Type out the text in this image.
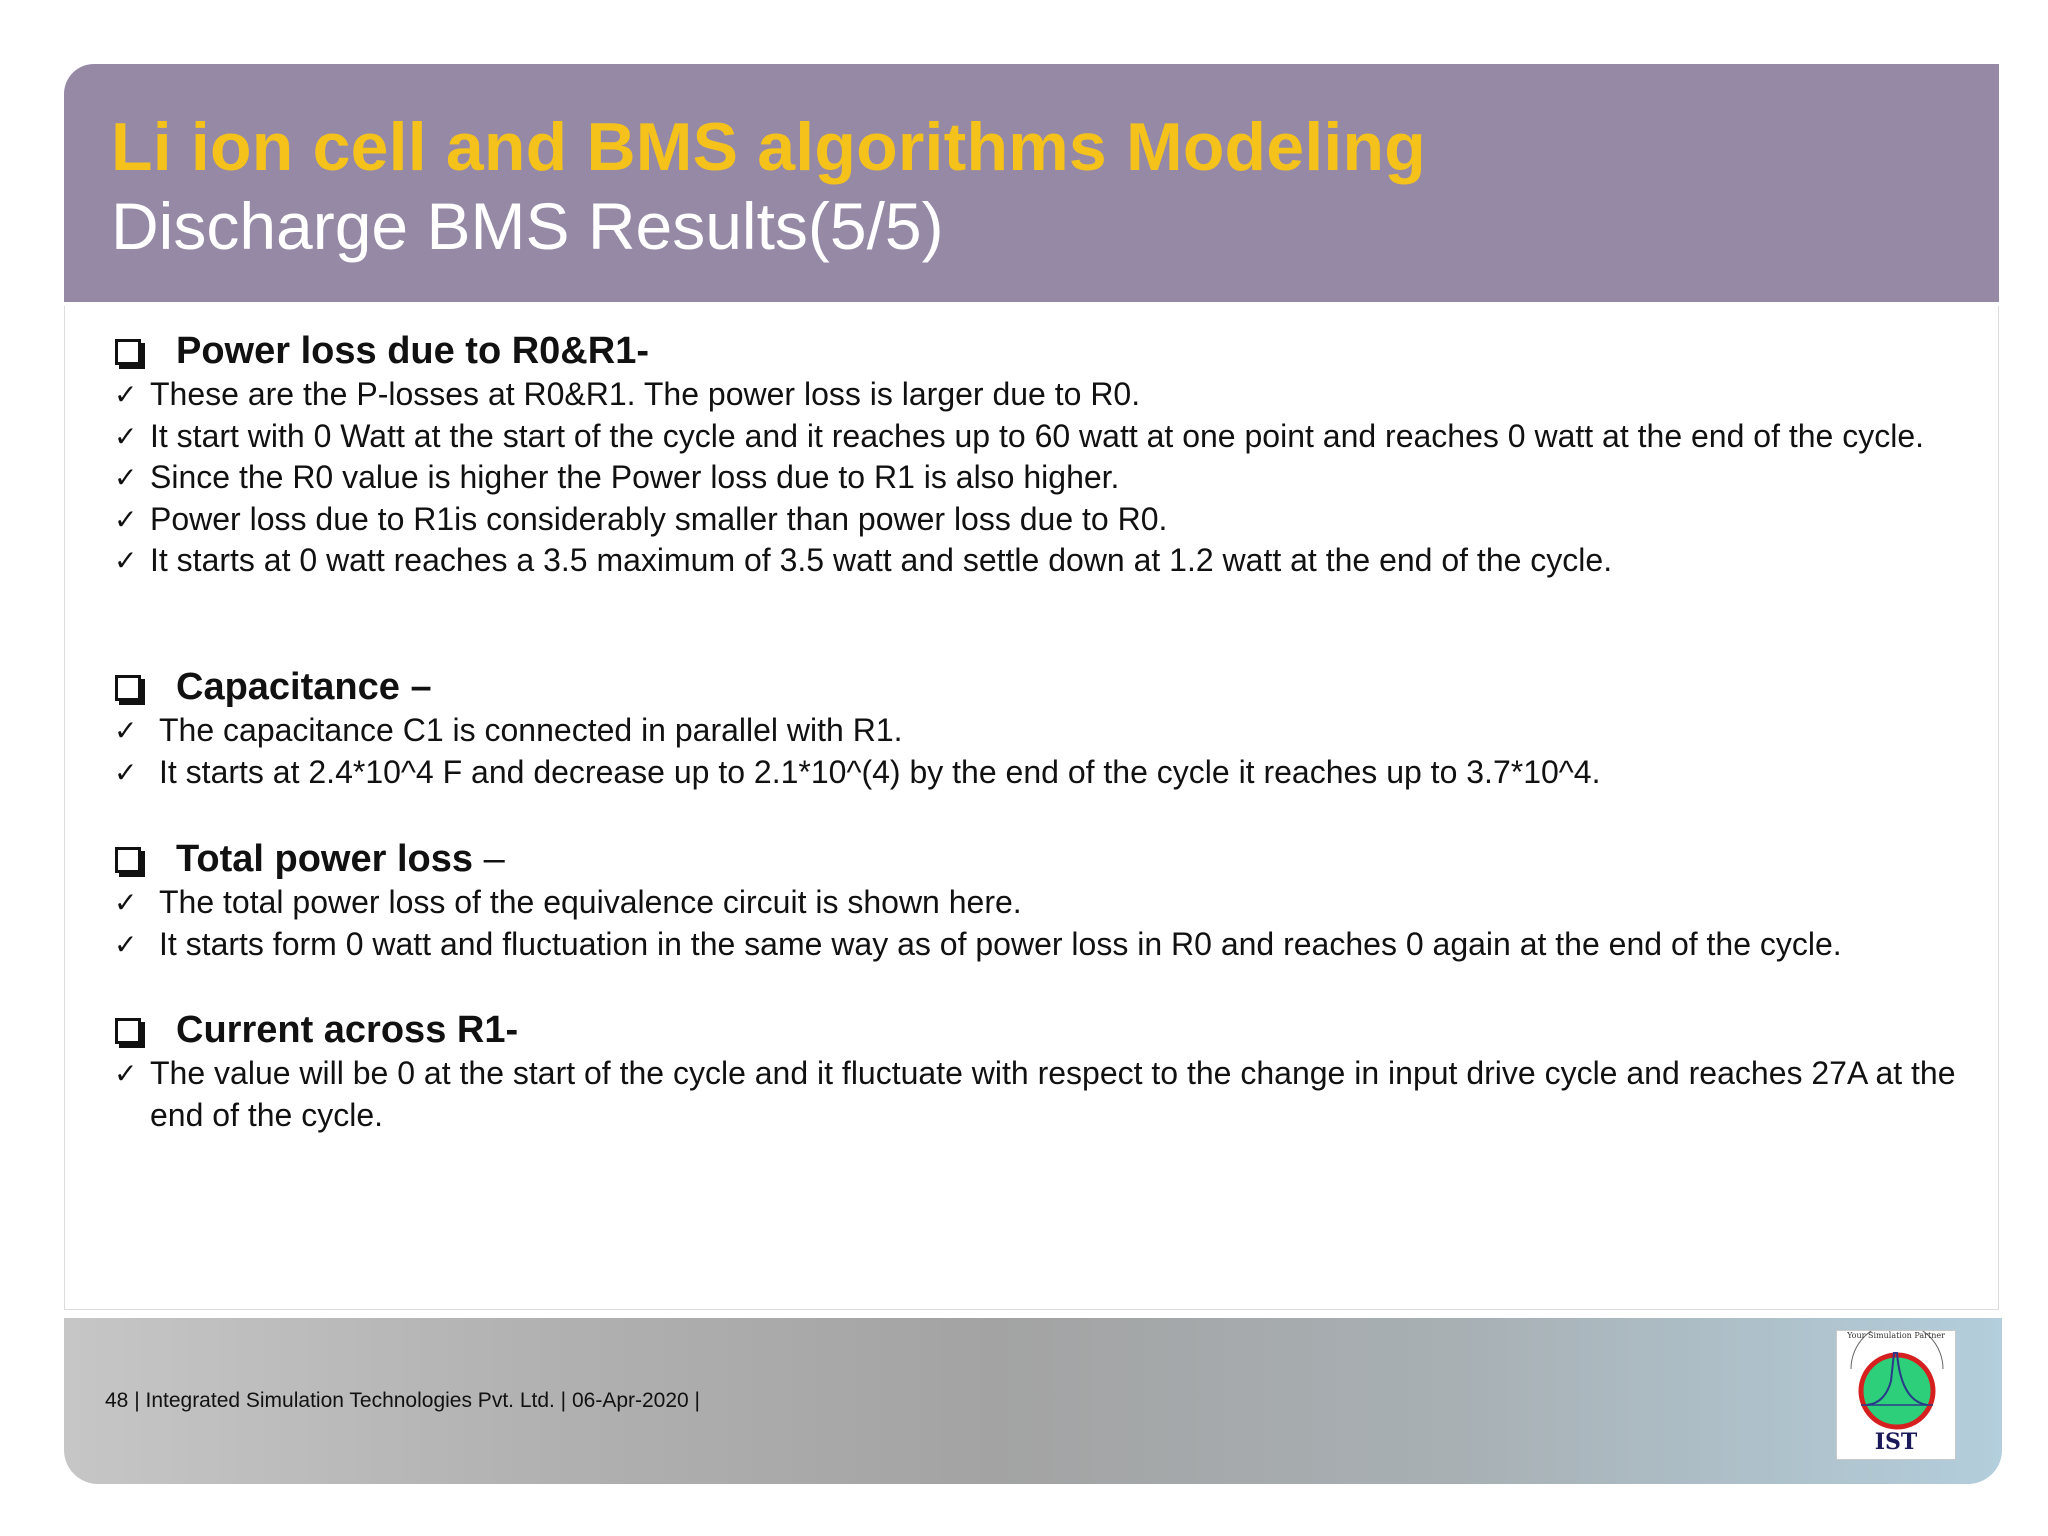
Li ion cell and BMS algorithms Modeling
Discharge BMS Results(5/5)
Power loss due to R0&R1-
✓ These are the P-losses at R0&R1. The power loss is larger due to R0.
✓ It start with 0 Watt at the start of the cycle and it reaches up to 60 watt at one point and reaches 0 watt at the end of the cycle.
✓ Since the R0 value is higher the Power loss due to R1 is also higher.
✓ Power loss due to R1is considerably smaller than power loss due to R0.
✓ It starts at 0 watt reaches a 3.5 maximum of 3.5 watt and settle down at 1.2 watt at the end of the cycle.
Capacitance –
✓ The capacitance C1 is connected in parallel with R1.
✓ It starts at 2.4*10^4 F and decrease up to 2.1*10^(4) by the end of the cycle it reaches up to 3.7*10^4.
Total power loss –
✓ The total power loss of the equivalence circuit is shown here.
✓ It starts form 0 watt and fluctuation in the same way as of power loss in R0 and reaches 0 again at the end of the cycle.
Current across R1-
✓ The value will be 0 at the start of the cycle and it fluctuate with respect to the change in input drive cycle and reaches 27A at the end of the cycle.
48 | Integrated Simulation Technologies Pvt. Ltd. | 06-Apr-2020 |
Your Simulation Partner
IST
